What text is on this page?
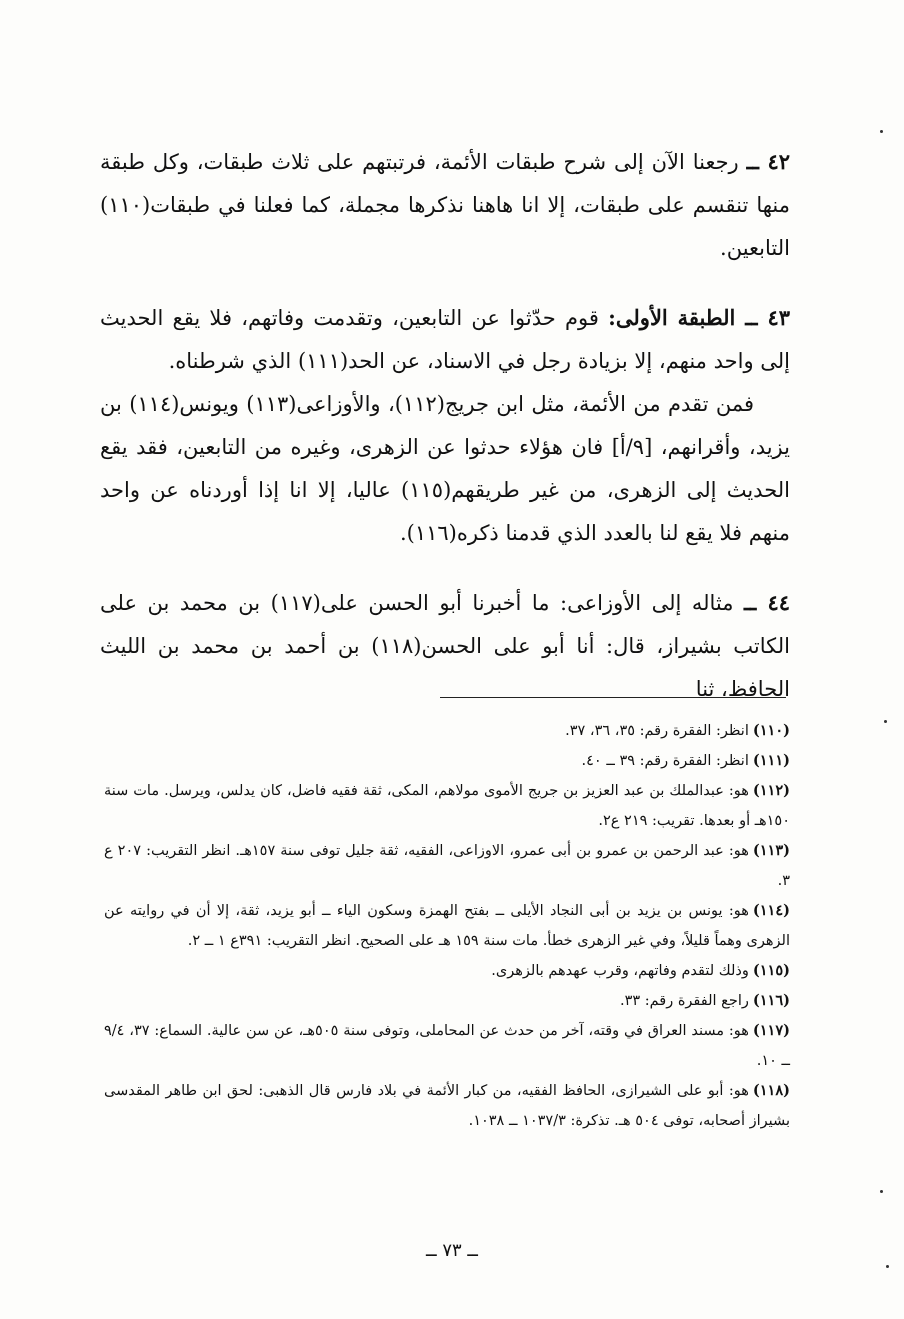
٤٢ ــ رجعنا الآن إلى شرح طبقات الأئمة، فرتبتهم على ثلاث طبقات، وكل طبقة منها تنقسم على طبقات، إلا انا هاهنا نذكرها مجملة، كما فعلنا في طبقات(١١٠) التابعين.

٤٣ ــ الطبقة الأولى: قوم حدّثوا عن التابعين، وتقدمت وفاتهم، فلا يقع الحديث إلى واحد منهم، إلا بزيادة رجل في الاسناد، عن الحد(١١١) الذي شرطناه.

فمن تقدم من الأئمة، مثل ابن جريج(١١٢)، والأوزاعى(١١٣) ويونس(١١٤) بن يزيد، وأقرانهم، [٩/أ] فان هؤلاء حدثوا عن الزهرى، وغيره من التابعين، فقد يقع الحديث إلى الزهرى، من غير طريقهم(١١٥) عاليا، إلا انا إذا أوردناه عن واحد منهم فلا يقع لنا بالعدد الذي قدمنا ذكره(١١٦).

٤٤ ــ مثاله إلى الأوزاعى: ما أخبرنا أبو الحسن على(١١٧) بن محمد بن على الكاتب بشيراز، قال: أنا أبو على الحسن(١١٨) بن أحمد بن محمد بن الليث الحافظ، ثنا

(١١٠)انظر: الفقرة رقم: ٣٥، ٣٦، ٣٧.

(١١١)انظر: الفقرة رقم: ٣٩ ــ ٤٠.

(١١٢)هو: عبدالملك بن عبد العزيز بن جريج الأموى مولاهم، المكى، ثقة فقيه فاضل، كان يدلس، ويرسل. مات سنة ١٥٠هـ أو بعدها. تقريب: ٢١٩ ع٢.

(١١٣)هو: عبد الرحمن بن عمرو بن أبى عمرو، الاوزاعى، الفقيه، ثقة جليل توفى سنة ١٥٧هـ. انظر التقريب: ٢٠٧ ع ٣.

(١١٤)هو: يونس بن يزيد بن أبى النجاد الأيلى ــ بفتح الهمزة وسكون الياء ــ أبو يزيد، ثقة، إلا أن في روايته عن الزهرى وهماً قليلاً، وفي غير الزهرى خطأ. مات سنة ١٥٩ هـ على الصحيح. انظر التقريب: ٣٩١ع ١ ــ ٢.

(١١٥)وذلك لتقدم وفاتهم، وقرب عهدهم بالزهرى.

(١١٦)راجع الفقرة رقم: ٣٣.

(١١٧)هو: مسند العراق في وقته، آخر من حدث عن المحاملى، وتوفى سنة ٥٠٥هـ، عن سن عالية. السماع: ٣٧، ٩/٤ ــ ١٠.

(١١٨)هو: أبو على الشيرازى، الحافظ الفقيه، من كبار الأئمة في بلاد فارس قال الذهبى: لحق ابن طاهر المقدسى بشيراز أصحابه، توفى ٥٠٤ هـ. تذكرة: ١٠٣٧/٣ ــ ١٠٣٨.

ــ ٧٣ ــ
